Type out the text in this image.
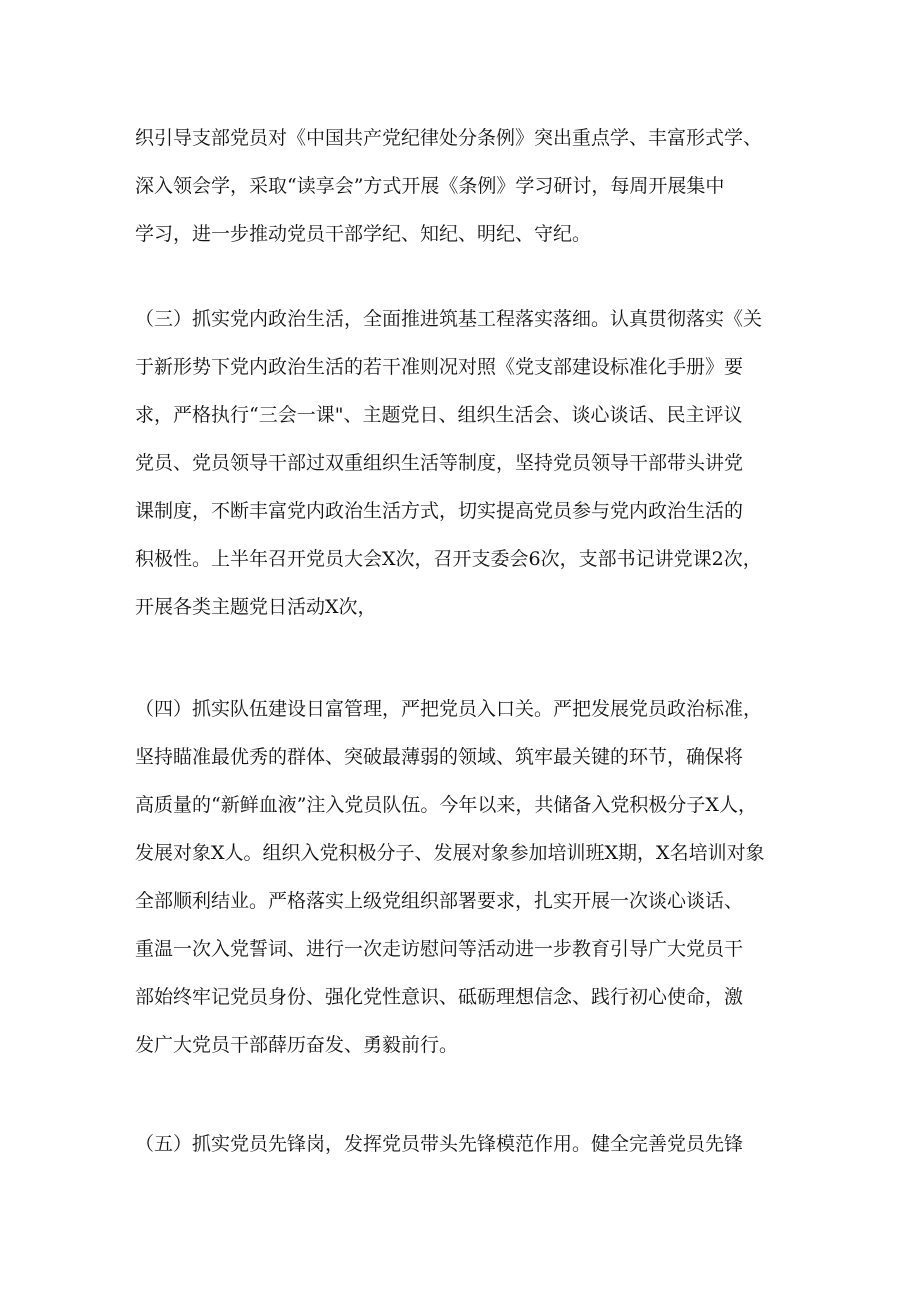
织引导支部党员对《中国共产党纪律处分条例》突出重点学、丰富形式学、
深入领会学，采取“读享会”方式开展《条例》学习研讨，每周开展集中
学习，进一步推动党员干部学纪、知纪、明纪、守纪。

（三）抓实党内政治生活，全面推进筑基工程落实落细。认真贯彻落实《关
于新形势下党内政治生活的若干准则况对照《党支部建设标准化手册》要
求，严格执行“三会一课"、主题党日、组织生活会、谈心谈话、民主评议
党员、党员领导干部过双重组织生活等制度，坚持党员领导干部带头讲党
课制度，不断丰富党内政治生活方式，切实提高党员参与党内政治生活的
积极性。上半年召开党员大会X次，召开支委会6次，支部书记讲党课2次，
开展各类主题党日活动X次，

（四）抓实队伍建设日富管理，严把党员入口关。严把发展党员政治标准，
坚持瞄准最优秀的群体、突破最薄弱的领域、筑牢最关键的环节，确保将
高质量的“新鲜血液”注入党员队伍。今年以来，共储备入党积极分子X人，
发展对象X人。组织入党积极分子、发展对象参加培训班X期，X名培训对象
全部顺利结业。严格落实上级党组织部署要求，扎实开展一次谈心谈话、
重温一次入党誓词、进行一次走访慰问等活动进一步教育引导广大党员干
部始终牢记党员身份、强化党性意识、砥砺理想信念、践行初心使命，激
发广大党员干部薛历奋发、勇毅前行。

（五）抓实党员先锋岗，发挥党员带头先锋模范作用。健全完善党员先锋
